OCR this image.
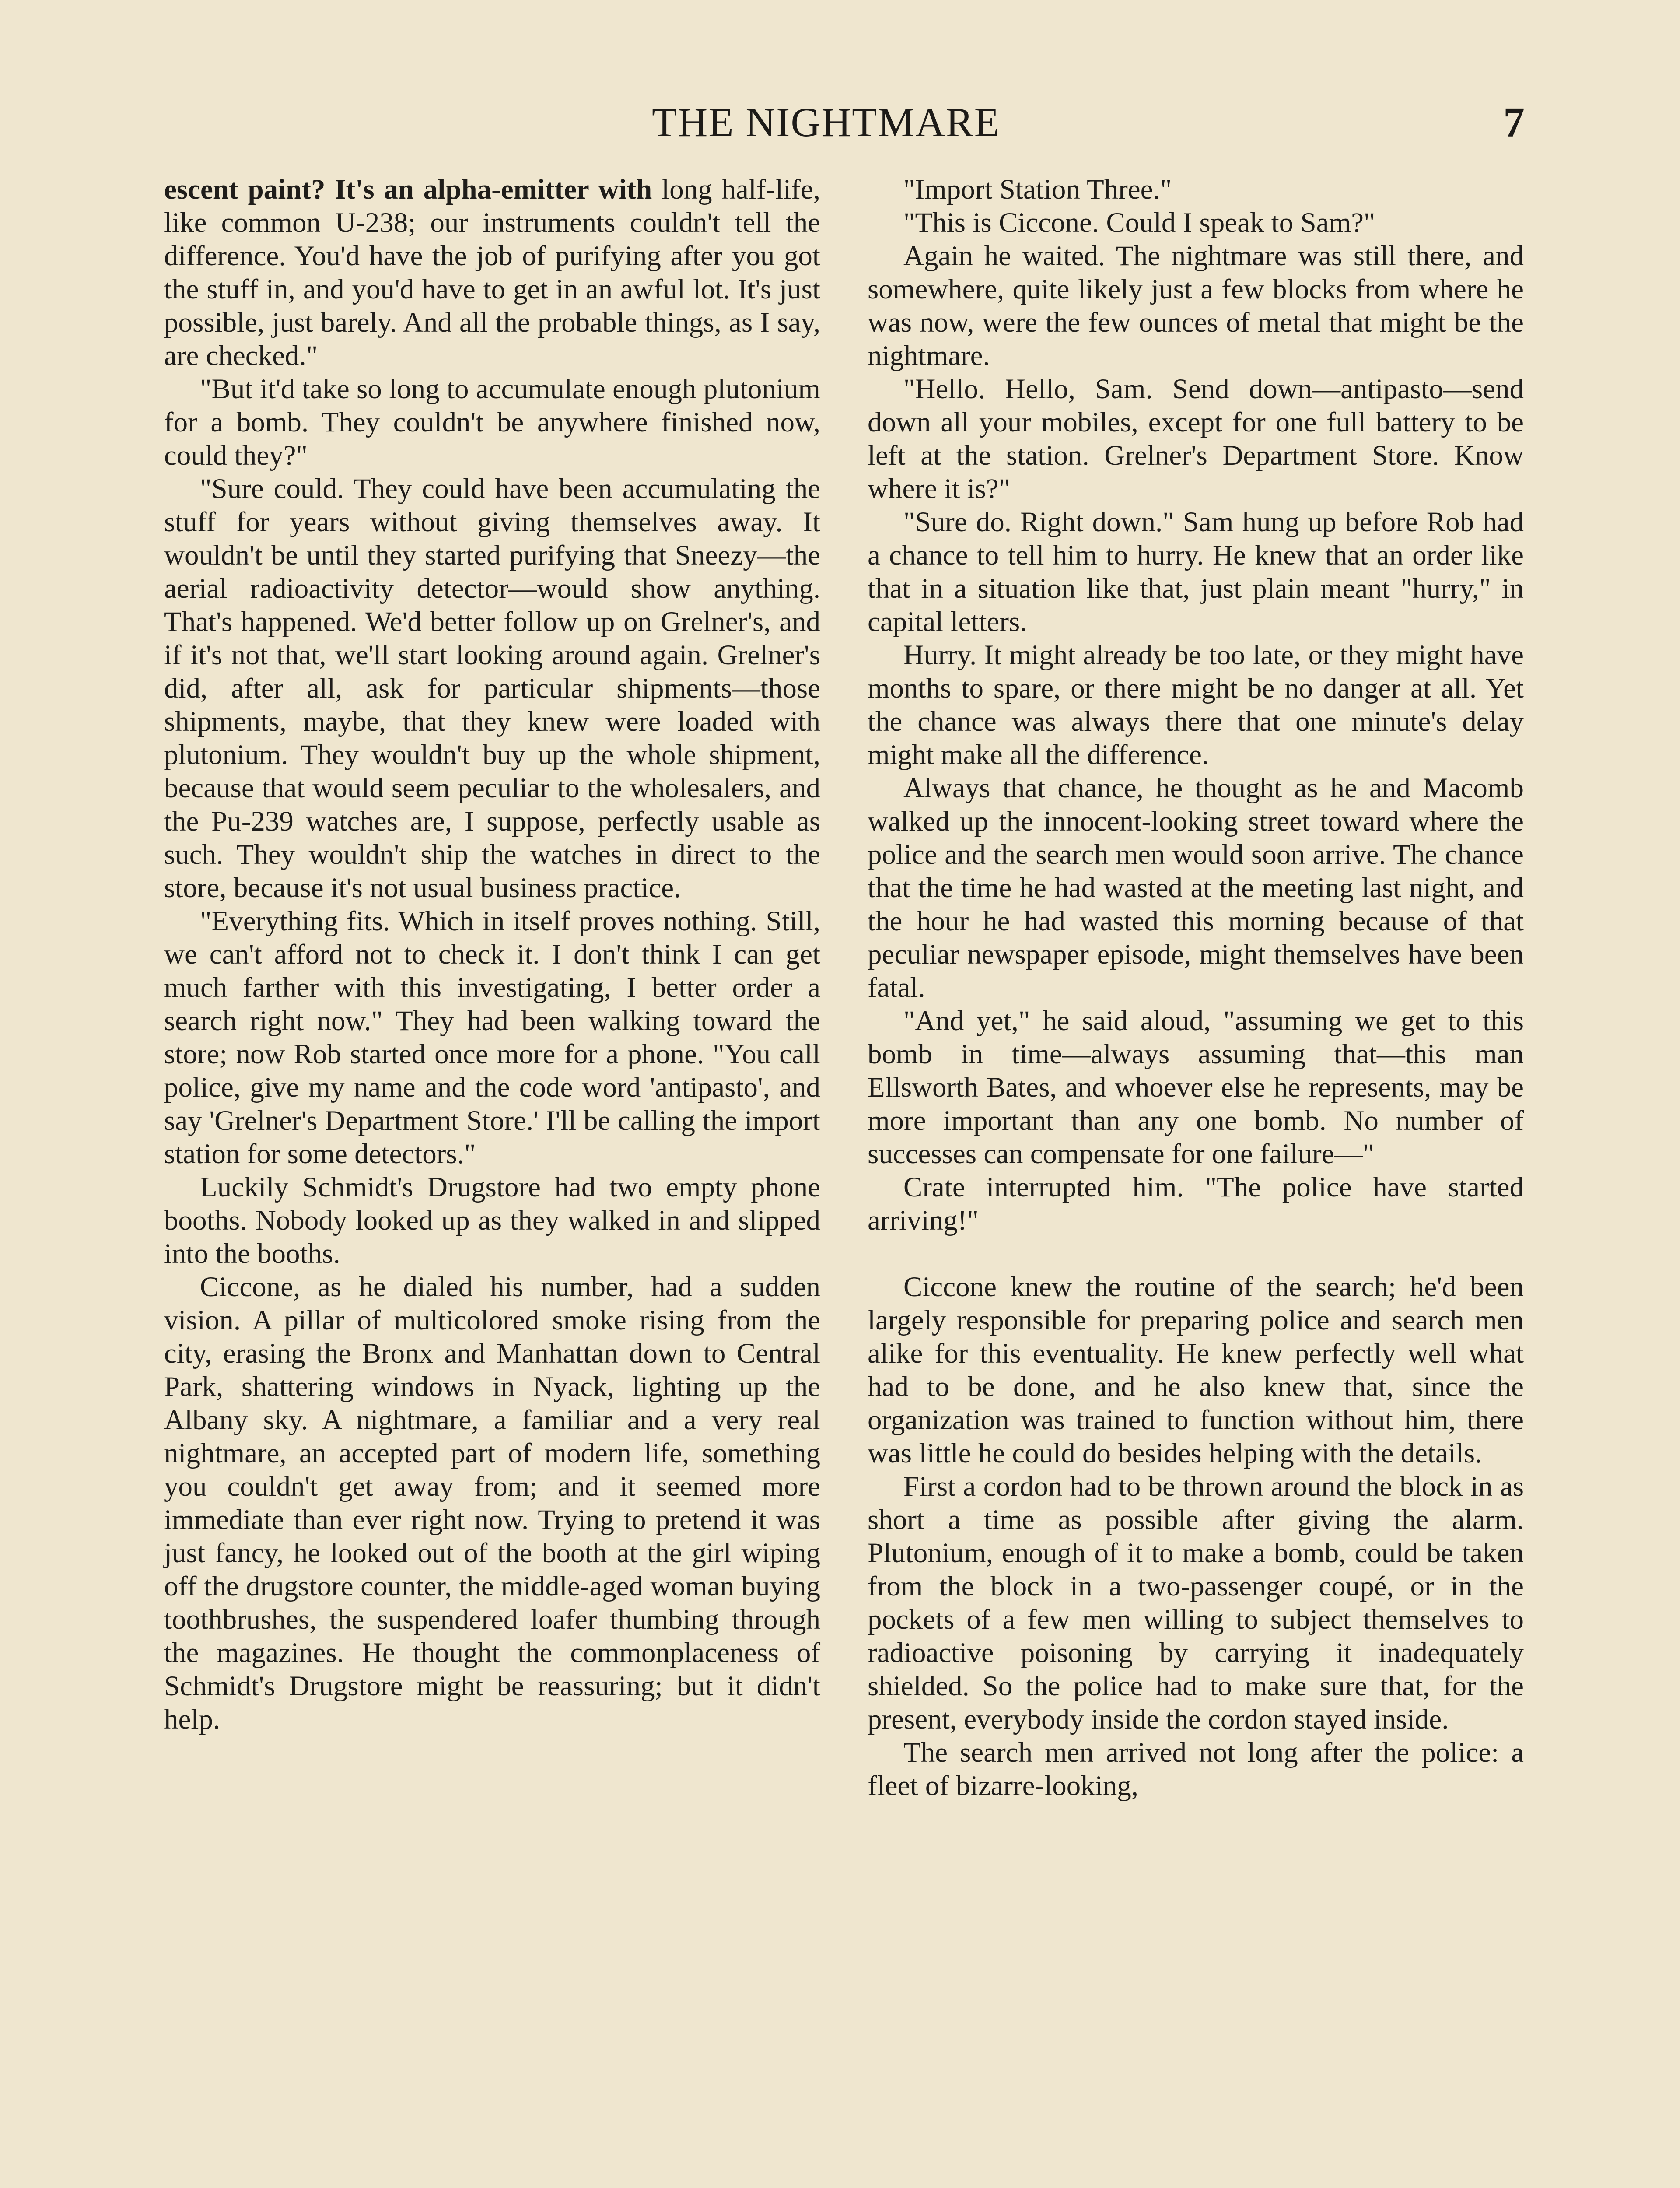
THE NIGHTMARE	7

escent paint? It's an alpha-emitter with long half-life, like common U-238; our instruments couldn't tell the difference. You'd have the job of purifying after you got the stuff in, and you'd have to get in an awful lot. It's just possible, just barely. And all the probable things, as I say, are checked."

"But it'd take so long to accumulate enough plutonium for a bomb. They couldn't be anywhere finished now, could they?"

"Sure could. They could have been accumulating the stuff for years without giving themselves away. It wouldn't be until they started purifying that Sneezy—the aerial radioactivity detector—would show anything. That's happened. We'd better follow up on Grelner's, and if it's not that, we'll start looking around again. Grelner's did, after all, ask for particular shipments—those shipments, maybe, that they knew were loaded with plutonium. They wouldn't buy up the whole shipment, because that would seem peculiar to the wholesalers, and the Pu-239 watches are, I suppose, perfectly usable as such. They wouldn't ship the watches in direct to the store, because it's not usual business practice.

"Everything fits. Which in itself proves nothing. Still, we can't afford not to check it. I don't think I can get much farther with this investigating, I better order a search right now." They had been walking toward the store; now Rob started once more for a phone. "You call police, give my name and the code word 'antipasto', and say 'Grelner's Department Store.' I'll be calling the import station for some detectors."

Luckily Schmidt's Drugstore had two empty phone booths. Nobody looked up as they walked in and slipped into the booths.

Ciccone, as he dialed his number, had a sudden vision. A pillar of multicolored smoke rising from the city, erasing the Bronx and Manhattan down to Central Park, shattering windows in Nyack, lighting up the Albany sky. A nightmare, a familiar and a very real nightmare, an accepted part of modern life, something you couldn't get away from; and it seemed more immediate than ever right now. Trying to pretend it was just fancy, he looked out of the booth at the girl wiping off the drugstore counter, the middle-aged woman buying toothbrushes, the suspendered loafer thumbing through the magazines. He thought the commonplaceness of Schmidt's Drugstore might be reassuring; but it didn't help.

"Import Station Three."

"This is Ciccone. Could I speak to Sam?"

Again he waited. The nightmare was still there, and somewhere, quite likely just a few blocks from where he was now, were the few ounces of metal that might be the nightmare.

"Hello. Hello, Sam. Send down—antipasto—send down all your mobiles, except for one full battery to be left at the station. Grelner's Department Store. Know where it is?"

"Sure do. Right down." Sam hung up before Rob had a chance to tell him to hurry. He knew that an order like that in a situation like that, just plain meant "hurry," in capital letters.

Hurry. It might already be too late, or they might have months to spare, or there might be no danger at all. Yet the chance was always there that one minute's delay might make all the difference.

Always that chance, he thought as he and Macomb walked up the innocent-looking street toward where the police and the search men would soon arrive. The chance that the time he had wasted at the meeting last night, and the hour he had wasted this morning because of that peculiar newspaper episode, might themselves have been fatal.

"And yet," he said aloud, "assuming we get to this bomb in time—always assuming that—this man Ellsworth Bates, and whoever else he represents, may be more important than any one bomb. No number of successes can compensate for one failure—"

Crate interrupted him. "The police have started arriving!"

Ciccone knew the routine of the search; he'd been largely responsible for preparing police and search men alike for this eventuality. He knew perfectly well what had to be done, and he also knew that, since the organization was trained to function without him, there was little he could do besides helping with the details.

First a cordon had to be thrown around the block in as short a time as possible after giving the alarm. Plutonium, enough of it to make a bomb, could be taken from the block in a two-passenger coupé, or in the pockets of a few men willing to subject themselves to radioactive poisoning by carrying it inadequately shielded. So the police had to make sure that, for the present, everybody inside the cordon stayed inside.

The search men arrived not long after the police: a fleet of bizarre-looking,
